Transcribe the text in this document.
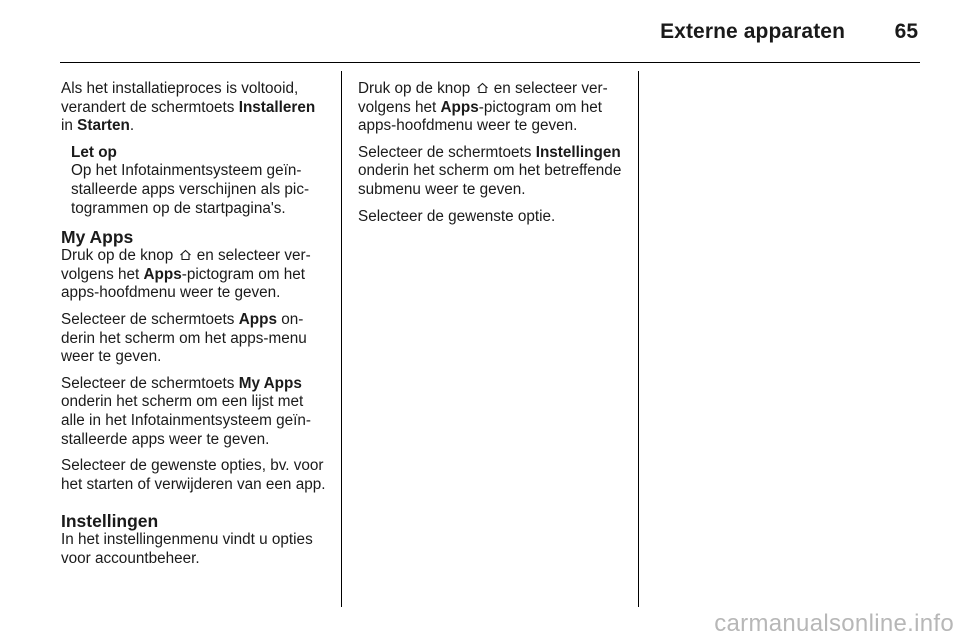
Externe apparaten 65

Als het installatieproces is voltooid, verandert de schermtoets Installeren in Starten.

Let op
Op het Infotainmentsysteem geïnstalleerde apps verschijnen als pictogrammen op de startpagina's.
My Apps

Druk op de knop  en selecteer vervolgens het Apps-pictogram om het apps-hoofdmenu weer te geven.

Selecteer de schermtoets Apps onderin het scherm om het apps-menu weer te geven.

Selecteer de schermtoets My Apps onderin het scherm om een lijst met alle in het Infotainmentsysteem geïnstalleerde apps weer te geven.

Selecteer de gewenste opties, bv. voor het starten of verwijderen van een app.

Instellingen

In het instellingenmenu vindt u opties voor accountbeheer.

Druk op de knop  en selecteer vervolgens het Apps-pictogram om het apps-hoofdmenu weer te geven.

Selecteer de schermtoets Instellingen onderin het scherm om het betreffende submenu weer te geven.

Selecteer de gewenste optie.

carmanualsonline.info
